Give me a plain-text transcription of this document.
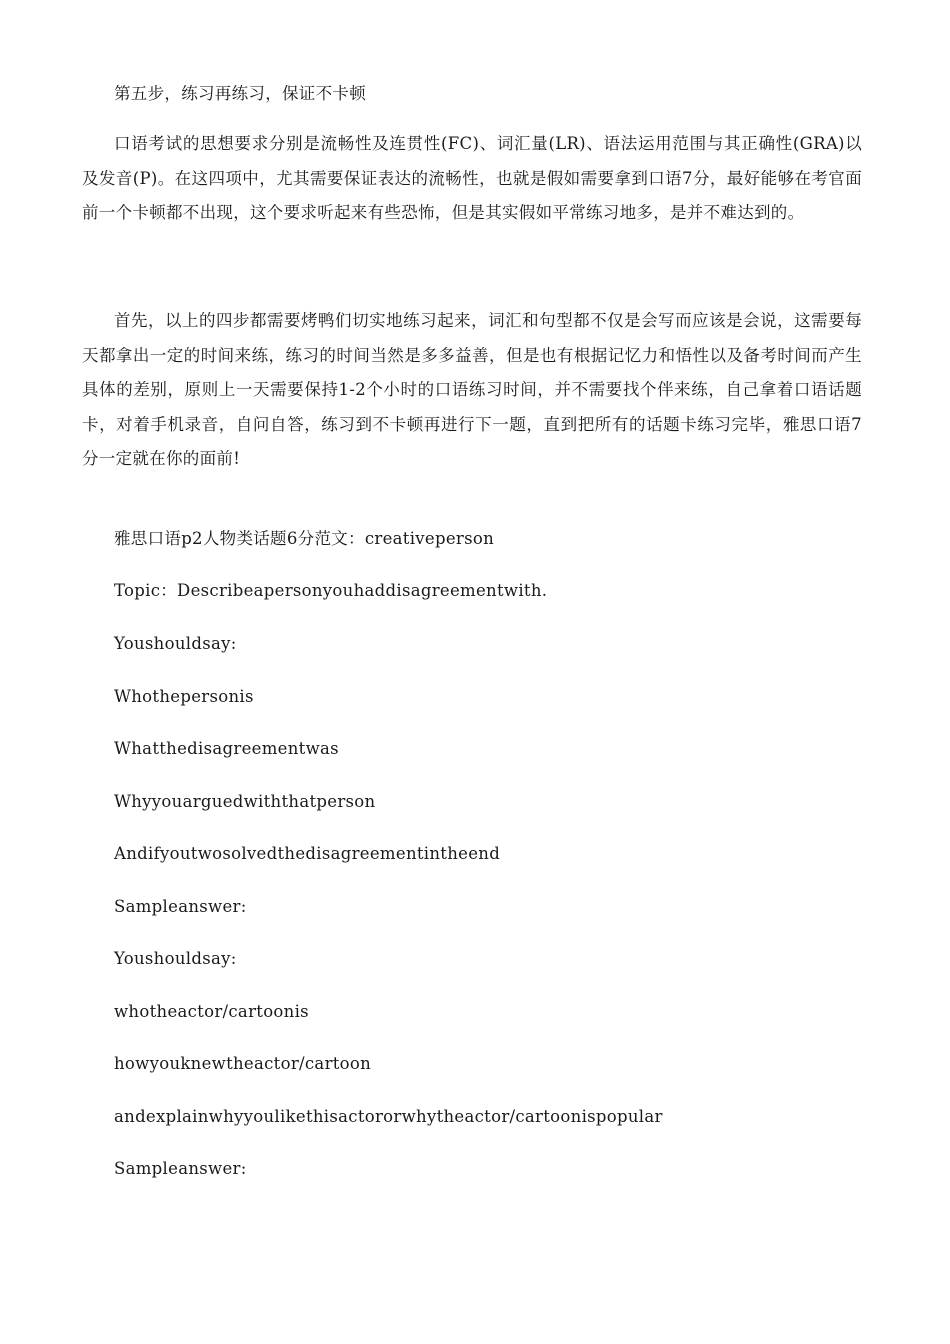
第五步，练习再练习，保证不卡顿

口语考试的思想要求分别是流畅性及连贯性(FC)、词汇量(LR)、语法运用范围与其正确性(GRA)以及发音(P)。在这四项中，尤其需要保证表达的流畅性，也就是假如需要拿到口语7分，最好能够在考官面前一个卡顿都不出现，这个要求听起来有些恐怖，但是其实假如平常练习地多，是并不难达到的。

首先，以上的四步都需要烤鸭们切实地练习起来，词汇和句型都不仅是会写而应该是会说，这需要每天都拿出一定的时间来练，练习的时间当然是多多益善，但是也有根据记忆力和悟性以及备考时间而产生具体的差别，原则上一天需要保持1-2个小时的口语练习时间，并不需要找个伴来练，自己拿着口语话题卡，对着手机录音，自问自答，练习到不卡顿再进行下一题，直到把所有的话题卡练习完毕，雅思口语7分一定就在你的面前!

雅思口语p2人物类话题6分范文：creativeperson

Topic：Describeapersonyouhaddisagreementwith.

Youshouldsay:

Whothepersonis

Whatthedisagreementwas

Whyyouarguedwiththatperson

Andifyoutwosolvedthedisagreementintheend

Sampleanswer:

Youshouldsay:

whotheactor/cartoonis

howyouknewtheactor/cartoon

andexplainwhyyoulikethisactororwhytheactor/cartoonispopular

Sampleanswer:
